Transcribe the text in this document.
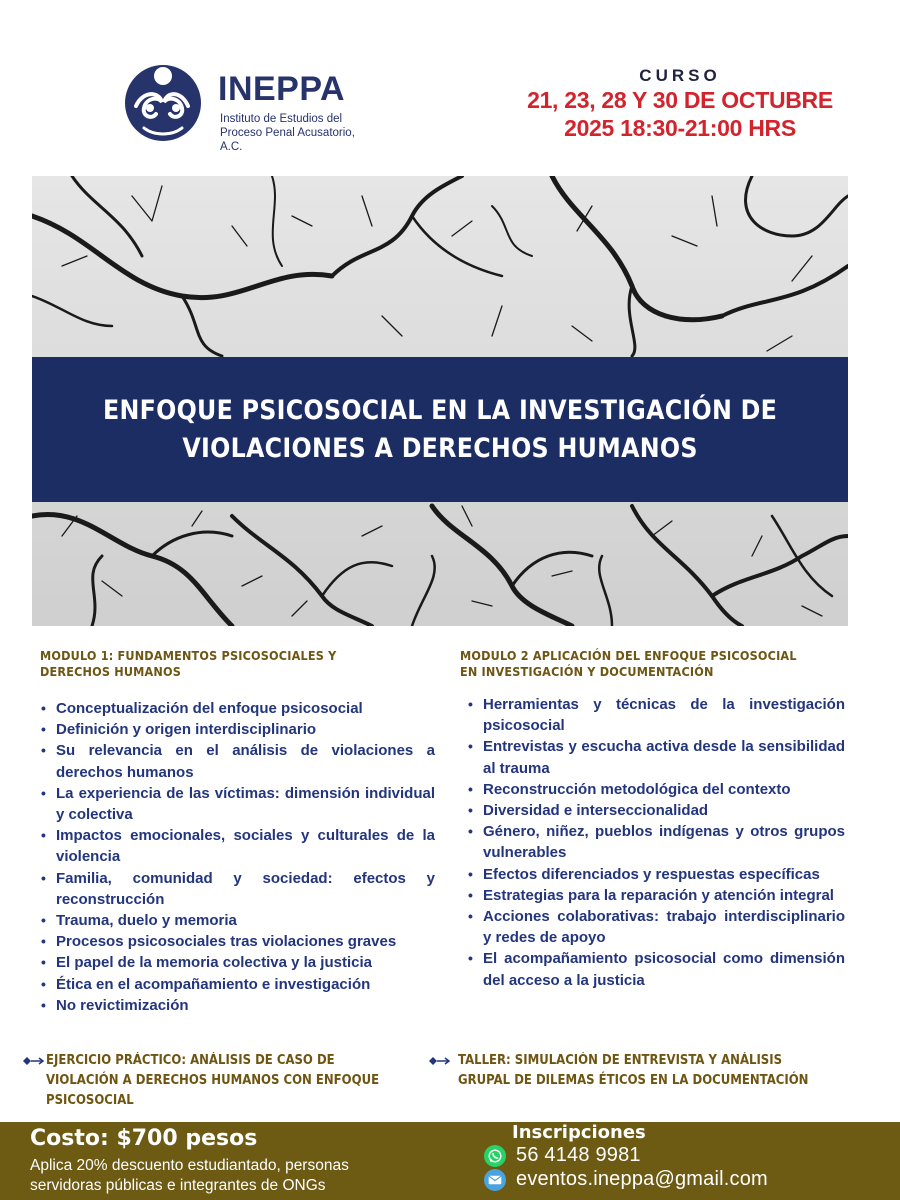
INEPPA
Instituto de Estudios del
Proceso Penal Acusatorio, A.C.
CURSO
21, 23, 28 Y 30 DE OCTUBRE
2025 18:30-21:00 HRS
ENFOQUE PSICOSOCIAL EN LA INVESTIGACIÓN DE
VIOLACIONES A DERECHOS HUMANOS
MODULO 1: FUNDAMENTOS PSICOSOCIALES Y
DERECHOS HUMANOS
• Conceptualización del enfoque psicosocial
• Definición y origen interdisciplinario
• Su relevancia en el análisis de violaciones a derechos humanos
• La experiencia de las víctimas: dimensión individual y colectiva
• Impactos emocionales, sociales y culturales de la violencia
• Familia, comunidad y sociedad: efectos y reconstrucción
• Trauma, duelo y memoria
• Procesos psicosociales tras violaciones graves
• El papel de la memoria colectiva y la justicia
• Ética en el acompañamiento e investigación
• No revictimización
MODULO 2 APLICACIÓN DEL ENFOQUE PSICOSOCIAL
EN INVESTIGACIÓN Y DOCUMENTACIÓN
• Herramientas y técnicas de la investigación psicosocial
• Entrevistas y escucha activa desde la sensibilidad al trauma
• Reconstrucción metodológica del contexto
• Diversidad e interseccionalidad
• Género, niñez, pueblos indígenas y otros grupos vulnerables
• Efectos diferenciados y respuestas específicas
• Estrategias para la reparación y atención integral
• Acciones colaborativas: trabajo interdisciplinario y redes de apoyo
• El acompañamiento psicosocial como dimensión del acceso a la justicia
EJERCICIO PRÁCTICO: ANÁLISIS DE CASO DE
VIOLACIÓN A DERECHOS HUMANOS CON ENFOQUE
PSICOSOCIAL
TALLER: SIMULACIÓN DE ENTREVISTA Y ANÁLISIS
GRUPAL DE DILEMAS ÉTICOS EN LA DOCUMENTACIÓN
Costo: $700 pesos
Aplica 20% descuento estudiantado, personas
servidoras públicas e integrantes de ONGs
Inscripciones
56 4148 9981
eventos.ineppa@gmail.com
